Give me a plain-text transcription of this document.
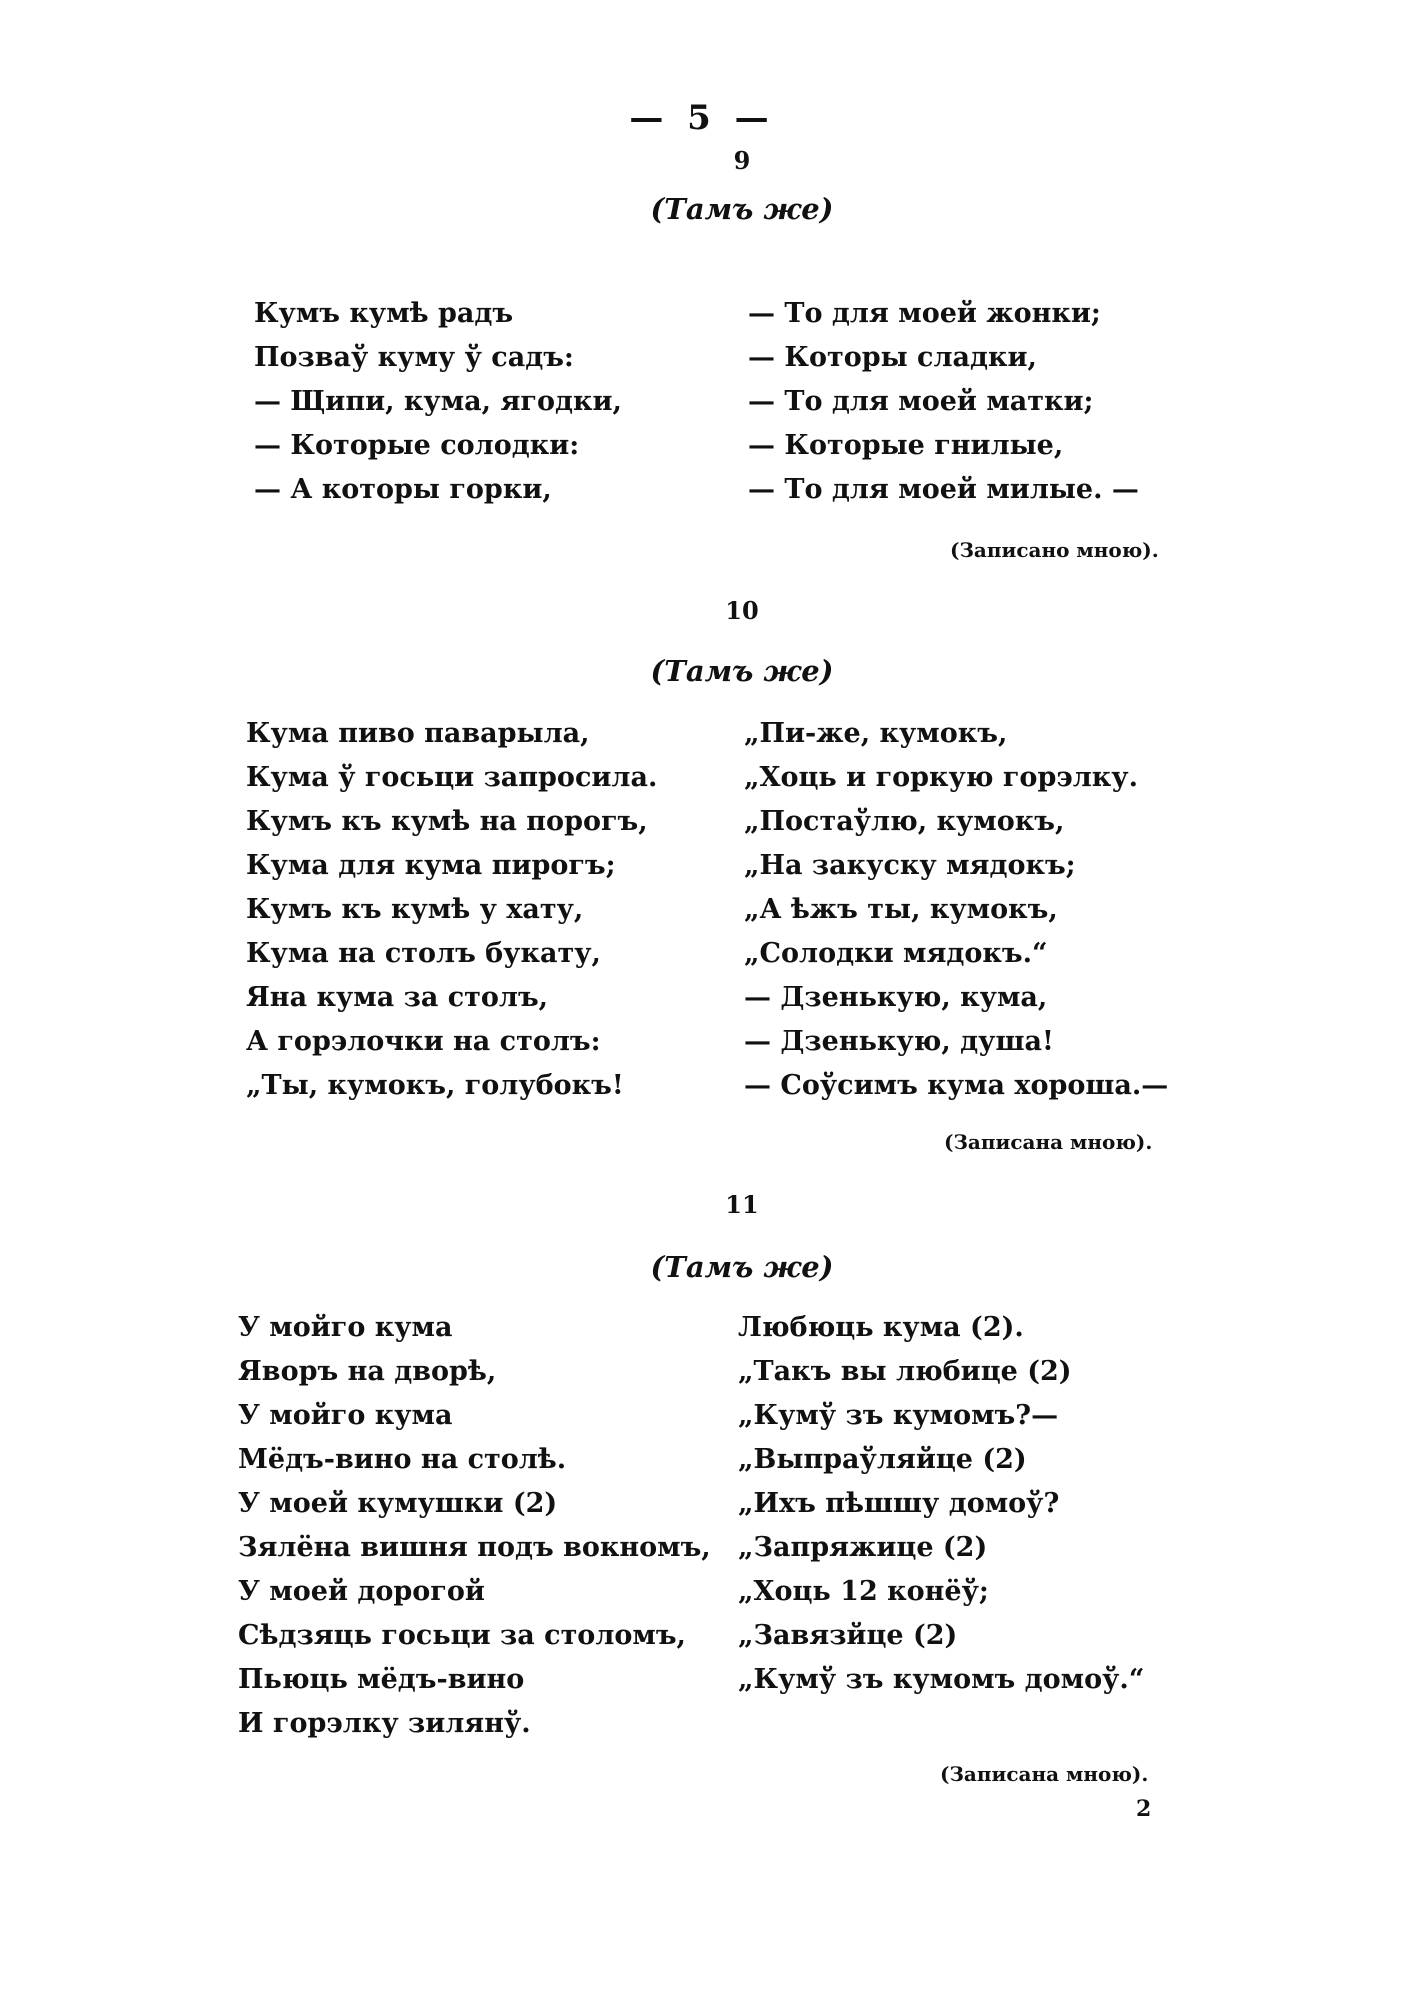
— 5 —
9
(Тамъ же)
Кумъ кумѣ радъ
Позваў куму ў садъ:
— Щипи, кума, ягодки,
— Которые солодки:
— А которы горки,
— То для моей жонки;
— Которы сладки,
— То для моей матки;
— Которые гнилые,
— То для моей милые. —
(Записано мною).
10
(Тамъ же)
Кума пиво паварыла,
Кума ў госьци запросила.
Кумъ къ кумѣ на порогъ,
Кума для кума пирогъ;
Кумъ къ кумѣ у хату,
Кума на столъ букату,
Яна кума за столъ,
А горэлочки на столъ:
„Ты, кумокъ, голубокъ!
„Пи-же, кумокъ,
„Хоць и горкую горэлку.
„Постаўлю, кумокъ,
„На закуску мядокъ;
„А ѣжъ ты, кумокъ,
„Солодки мядокъ.“
— Дзенькую, кума,
— Дзенькую, душа!
— Соўсимъ кума хороша.—
(Записана мною).
11
(Тамъ же)
У мойго кума
Яворъ на дворѣ,
У мойго кума
Мёдъ-вино на столѣ.
У моей кумушки (2)
Зялёна вишня подъ вокномъ,
У моей дорогой
Сѣдзяць госьци за столомъ,
Пьюць мёдъ-вино
И горэлку зилянў.
Любюць кума (2).
„Такъ вы любице (2)
„Кумў зъ кумомъ?—
„Выпраўляйце (2)
„Ихъ пѣшшу домоў?
„Запряжице (2)
„Хоць 12 конёў;
„Завязйце (2)
„Кумў зъ кумомъ домоў.“
(Записана мною).
2
